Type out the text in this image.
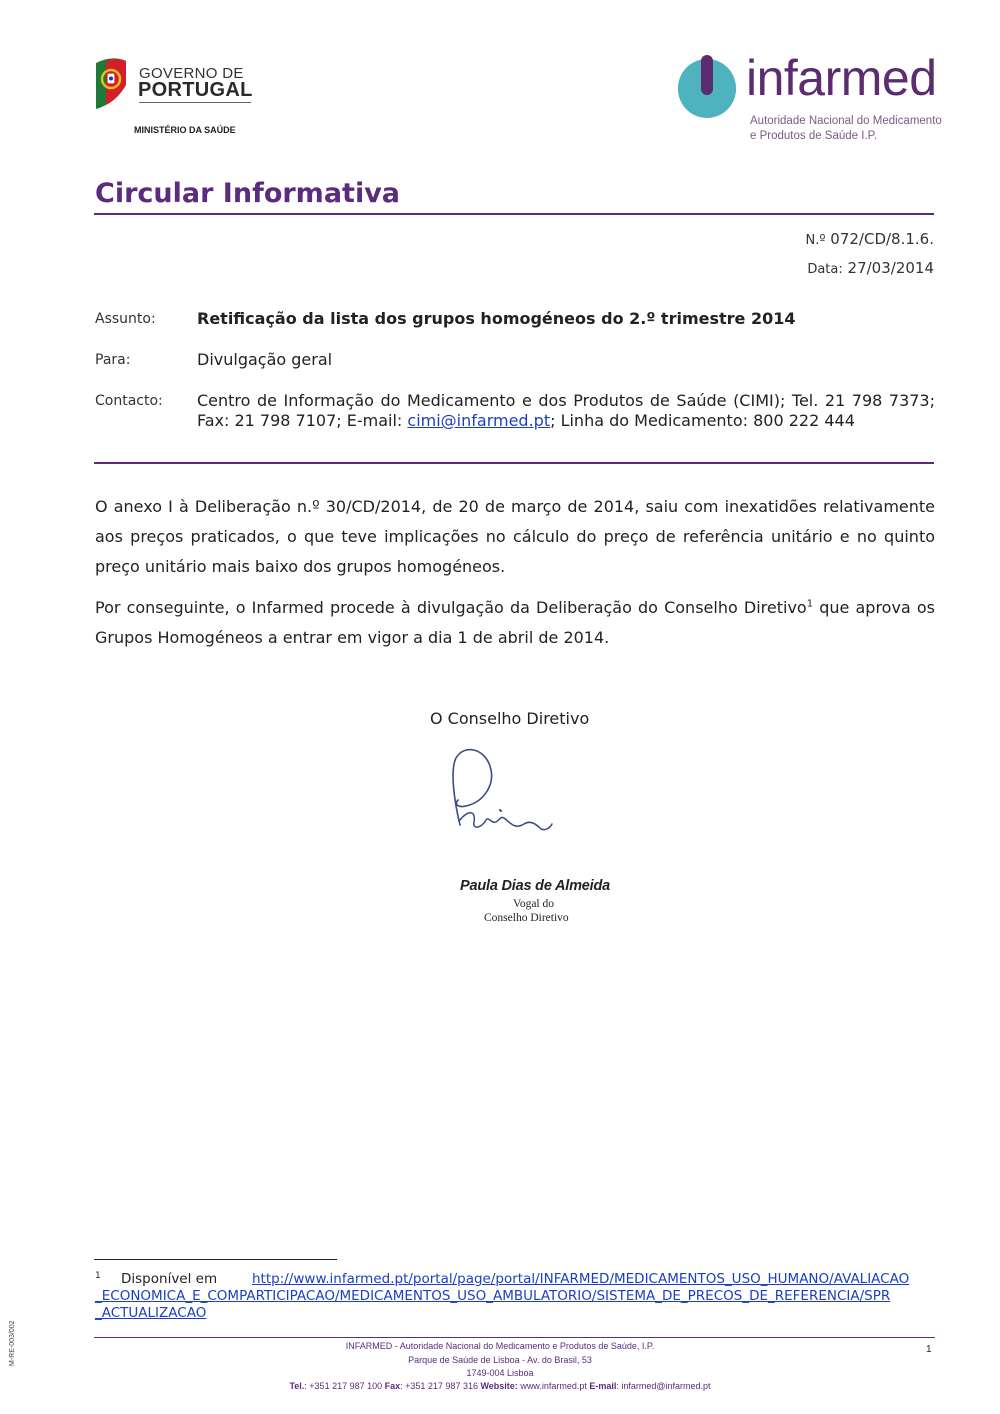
GOVERNO DE
PORTUGAL
MINISTÉRIO DA SAÚDE
infarmed
Autoridade Nacional do Medicamento
e Produtos de Saúde I.P.
Circular Informativa
N.º 072/CD/8.1.6.
Data: 27/03/2014
Assunto:	Retificação da lista dos grupos homogéneos do 2.º trimestre 2014
Para:	Divulgação geral
Contacto: Centro de Informação do Medicamento e dos Produtos de Saúde (CIMI); Tel. 21 798 7373; Fax: 21 798 7107; E-mail: cimi@infarmed.pt; Linha do Medicamento: 800 222 444
O anexo I à Deliberação n.º 30/CD/2014, de 20 de março de 2014, saiu com inexatidões relativamente aos preços praticados, o que teve implicações no cálculo do preço de referência unitário e no quinto preço unitário mais baixo dos grupos homogéneos.
Por conseguinte, o Infarmed procede à divulgação da Deliberação do Conselho Diretivo$^1$ que aprova os Grupos Homogéneos a entrar em vigor a dia 1 de abril de 2014.
O Conselho Diretivo
Paula Dias de Almeida
Vogal do
Conselho Diretivo
1 Disponível em	http://www.infarmed.pt/portal/page/portal/INFARMED/MEDICAMENTOS_USO_HUMANO/AVALIACAO
_ECONOMICA_E_COMPARTICIPACAO/MEDICAMENTOS_USO_AMBULATORIO/SISTEMA_DE_PRECOS_DE_REFERENCIA/SPR
_ACTUALIZACAO
INFARMED - Autoridade Nacional do Medicamento e Produtos de Saúde, I.P.
Parque de Saúde de Lisboa - Av. do Brasil, 53
1749-004 Lisboa
Tel.: +351 217 987 100 Fax: +351 217 987 316 Website: www.infarmed.pt E-mail: infarmed@infarmed.pt
1
M-RE-003/002
